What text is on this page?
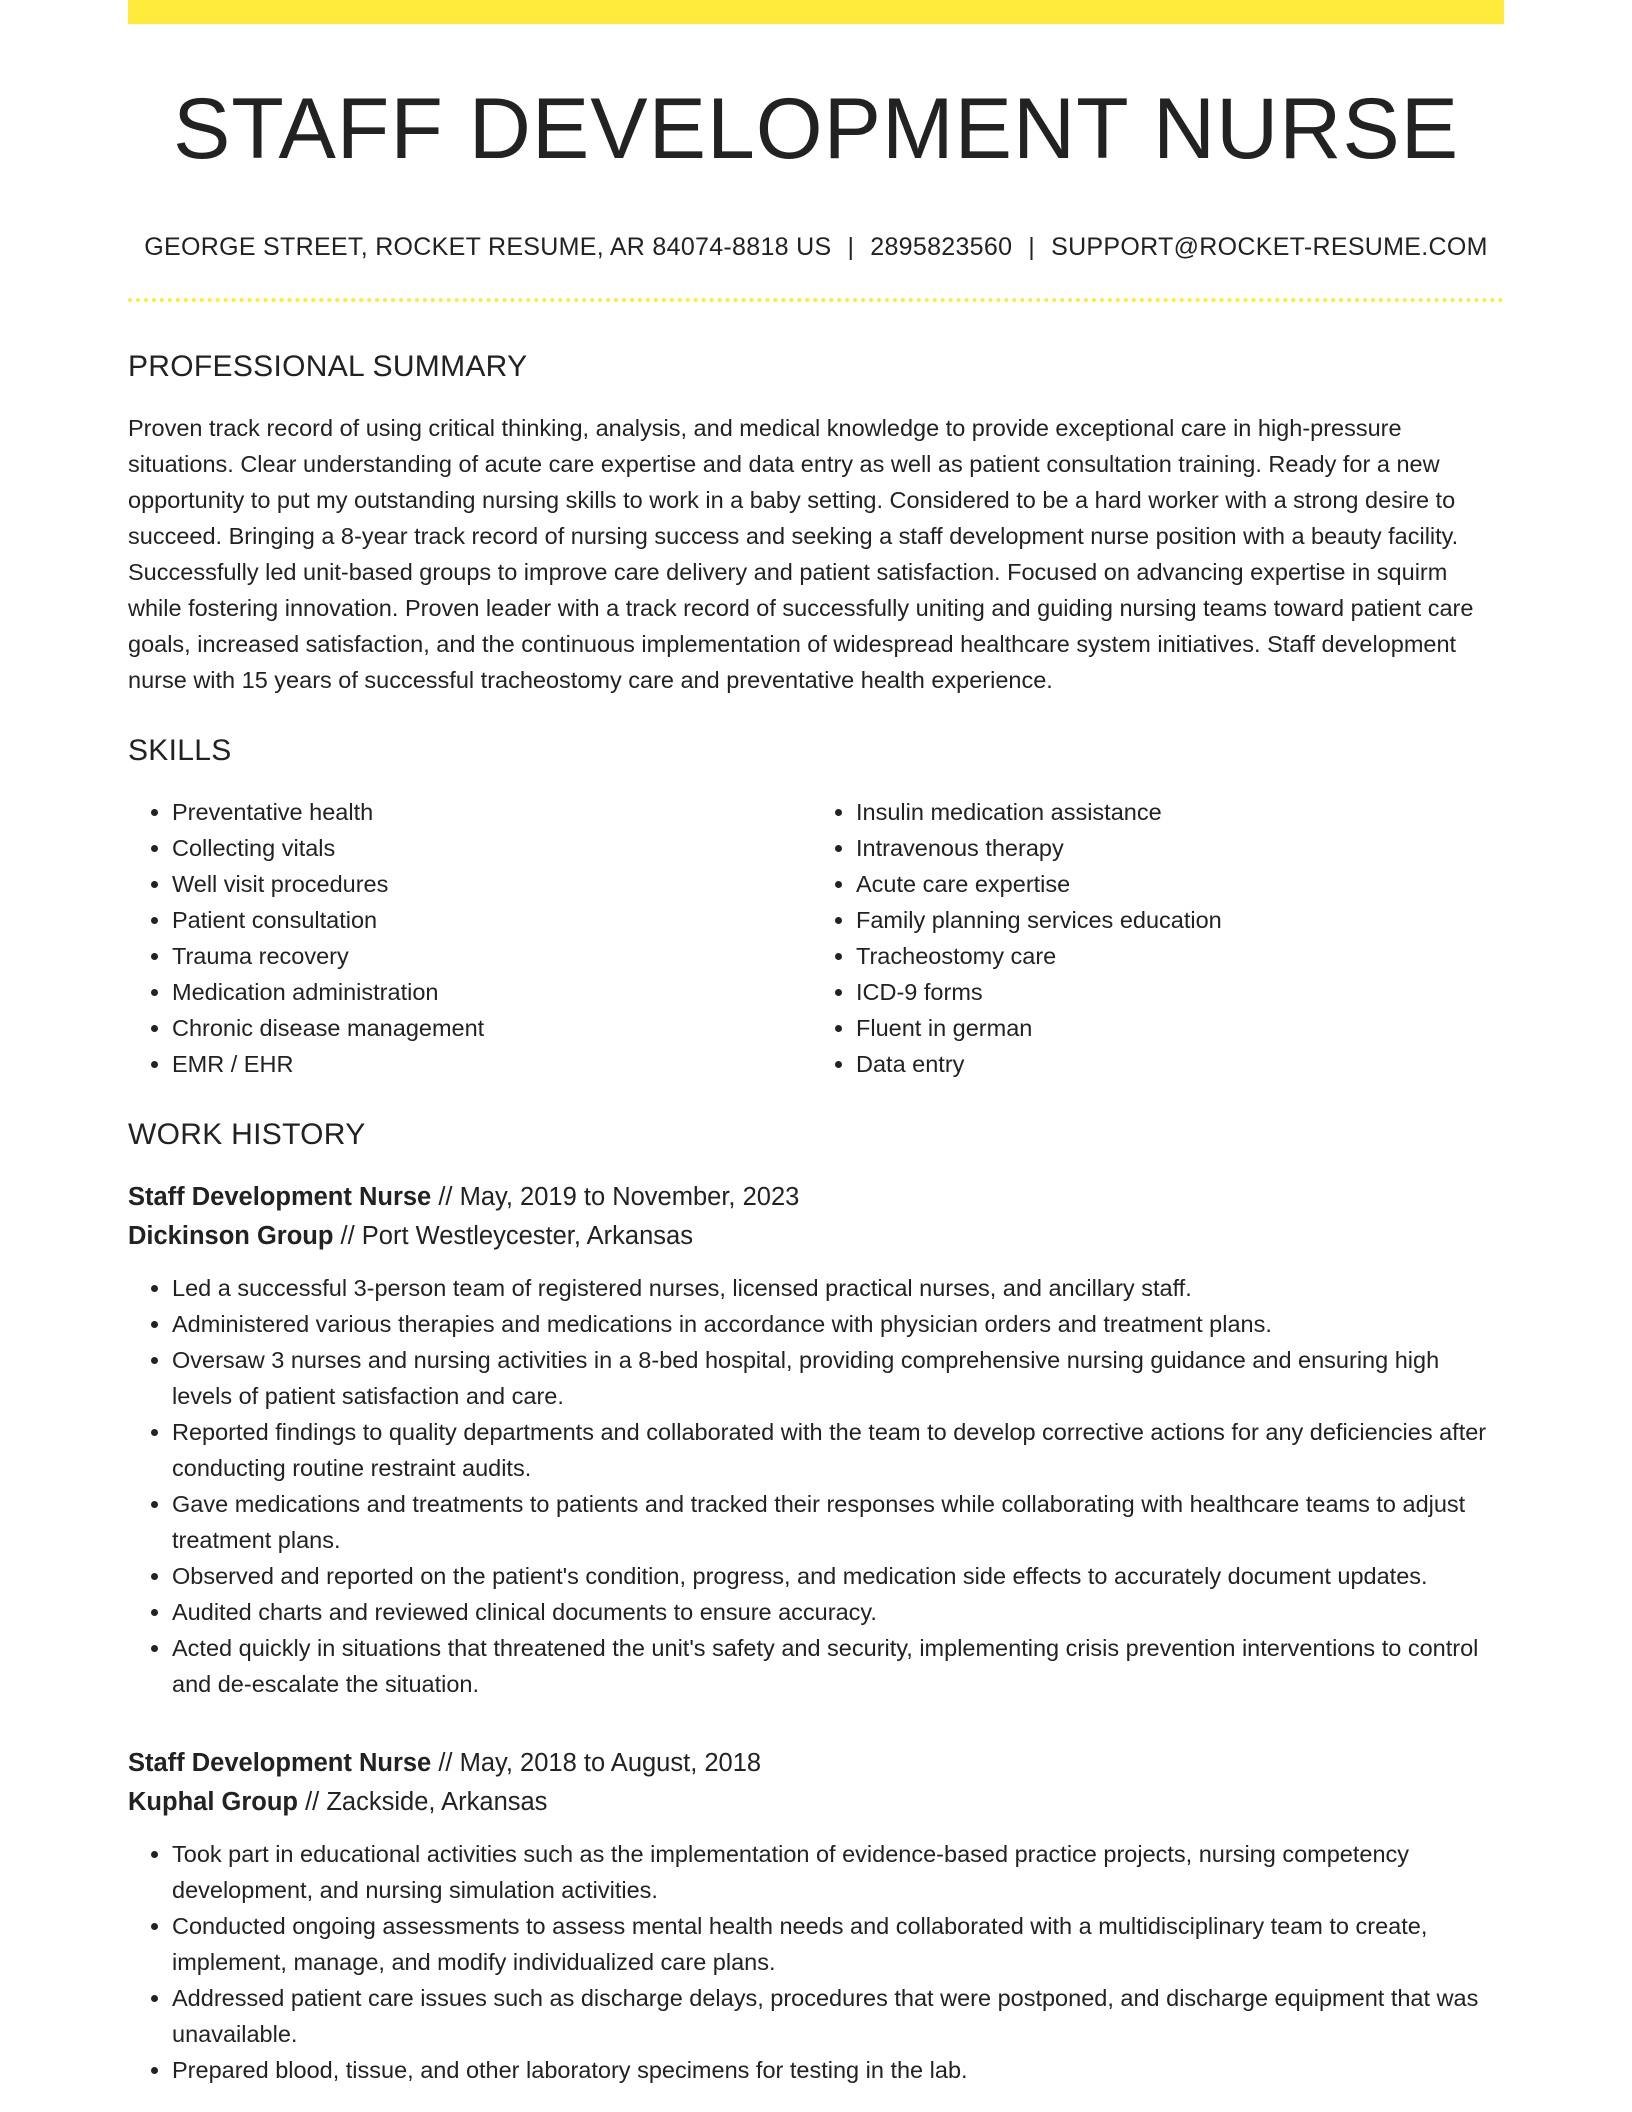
STAFF DEVELOPMENT NURSE
GEORGE STREET, ROCKET RESUME, AR 84074-8818 US | 2895823560 | SUPPORT@ROCKET-RESUME.COM
PROFESSIONAL SUMMARY

Proven track record of using critical thinking, analysis, and medical knowledge to provide exceptional care in high-pressure situations. Clear understanding of acute care expertise and data entry as well as patient consultation training. Ready for a new opportunity to put my outstanding nursing skills to work in a baby setting. Considered to be a hard worker with a strong desire to succeed. Bringing a 8-year track record of nursing success and seeking a staff development nurse position with a beauty facility. Successfully led unit-based groups to improve care delivery and patient satisfaction. Focused on advancing expertise in squirm while fostering innovation. Proven leader with a track record of successfully uniting and guiding nursing teams toward patient care goals, increased satisfaction, and the continuous implementation of widespread healthcare system initiatives. Staff development nurse with 15 years of successful tracheostomy care and preventative health experience.

SKILLS
• Preventative health
• Collecting vitals
• Well visit procedures
• Patient consultation
• Trauma recovery
• Medication administration
• Chronic disease management
• EMR / EHR
• Insulin medication assistance
• Intravenous therapy
• Acute care expertise
• Family planning services education
• Tracheostomy care
• ICD-9 forms
• Fluent in german
• Data entry
WORK HISTORY
Staff Development Nurse // May, 2019 to November, 2023
Dickinson Group // Port Westleycester, Arkansas
• Led a successful 3-person team of registered nurses, licensed practical nurses, and ancillary staff.
• Administered various therapies and medications in accordance with physician orders and treatment plans.
• Oversaw 3 nurses and nursing activities in a 8-bed hospital, providing comprehensive nursing guidance and ensuring high levels of patient satisfaction and care.
• Reported findings to quality departments and collaborated with the team to develop corrective actions for any deficiencies after conducting routine restraint audits.
• Gave medications and treatments to patients and tracked their responses while collaborating with healthcare teams to adjust treatment plans.
• Observed and reported on the patient's condition, progress, and medication side effects to accurately document updates.
• Audited charts and reviewed clinical documents to ensure accuracy.
• Acted quickly in situations that threatened the unit's safety and security, implementing crisis prevention interventions to control and de-escalate the situation.
Staff Development Nurse // May, 2018 to August, 2018
Kuphal Group // Zackside, Arkansas
• Took part in educational activities such as the implementation of evidence-based practice projects, nursing competency development, and nursing simulation activities.
• Conducted ongoing assessments to assess mental health needs and collaborated with a multidisciplinary team to create, implement, manage, and modify individualized care plans.
• Addressed patient care issues such as discharge delays, procedures that were postponed, and discharge equipment that was unavailable.
• Prepared blood, tissue, and other laboratory specimens for testing in the lab.
